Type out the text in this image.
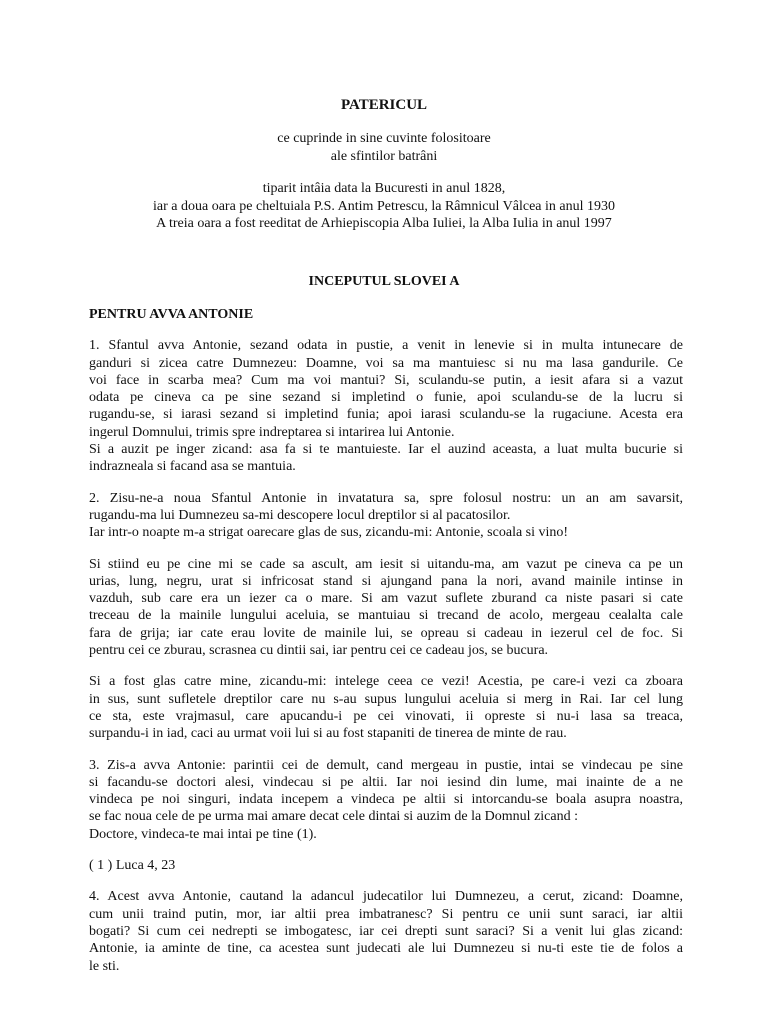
PATERICUL
ce cuprinde in sine cuvinte folositoare
ale sfintilor batrâni
tiparit intâia data la Bucuresti in anul 1828,
iar a doua oara pe cheltuiala P.S. Antim Petrescu, la Râmnicul Vâlcea in anul 1930
A treia oara a fost reeditat de Arhiepiscopia Alba Iuliei, la Alba Iulia in anul 1997
INCEPUTUL SLOVEI A
PENTRU AVVA ANTONIE
1. Sfantul avva Antonie, sezand odata in pustie, a venit in lenevie si in multa intunecare de
ganduri si zicea catre Dumnezeu: Doamne, voi sa ma mantuiesc si nu ma lasa gandurile. Ce
voi face in scarba mea? Cum ma voi mantui? Si, sculandu-se putin, a iesit afara si a vazut
odata pe cineva ca pe sine sezand si impletind o funie, apoi sculandu-se de la lucru si
rugandu-se, si iarasi sezand si impletind funia; apoi iarasi sculandu-se la rugaciune. Acesta era
ingerul Domnului, trimis spre indreptarea si intarirea lui Antonie.
Si a auzit pe inger zicand: asa fa si te mantuieste. Iar el auzind aceasta, a luat multa bucurie si
indrazneala si facand asa se mantuia.
2. Zisu-ne-a noua Sfantul Antonie in invatatura sa, spre folosul nostru: un an am savarsit,
rugandu-ma lui Dumnezeu sa-mi descopere locul dreptilor si al pacatosilor.
Iar intr-o noapte m-a strigat oarecare glas de sus, zicandu-mi: Antonie, scoala si vino!
Si stiind eu pe cine mi se cade sa ascult, am iesit si uitandu-ma, am vazut pe cineva ca pe un
urias, lung, negru, urat si infricosat stand si ajungand pana la nori, avand mainile intinse in
vazduh, sub care era un iezer ca o mare. Si am vazut suflete zburand ca niste pasari si cate
treceau de la mainile lungului aceluia, se mantuiau si trecand de acolo, mergeau cealalta cale
fara de grija; iar cate erau lovite de mainile lui, se opreau si cadeau in iezerul cel de foc. Si
pentru cei ce zburau, scrasnea cu dintii sai, iar pentru cei ce cadeau jos, se bucura.
Si a fost glas catre mine, zicandu-mi: intelege ceea ce vezi! Acestia, pe care-i vezi ca zboara
in sus, sunt sufletele dreptilor care nu s-au supus lungului aceluia si merg in Rai. Iar cel lung
ce sta, este vrajmasul, care apucandu-i pe cei vinovati, ii opreste si nu-i lasa sa treaca,
surpandu-i in iad, caci au urmat voii lui si au fost stapaniti de tinerea de minte de rau.
3. Zis-a avva Antonie: parintii cei de demult, cand mergeau in pustie, intai se vindecau pe sine
si facandu-se doctori alesi, vindecau si pe altii. Iar noi iesind din lume, mai inainte de a ne
vindeca pe noi singuri, indata incepem a vindeca pe altii si intorcandu-se boala asupra noastra,
se fac noua cele de pe urma mai amare decat cele dintai si auzim de la Domnul zicand :
Doctore, vindeca-te mai intai pe tine (1).
( 1 ) Luca 4, 23
4. Acest avva Antonie, cautand la adancul judecatilor lui Dumnezeu, a cerut, zicand: Doamne,
cum unii traind putin, mor, iar altii prea imbatranesc? Si pentru ce unii sunt saraci, iar altii
bogati? Si cum cei nedrepti se imbogatesc, iar cei drepti sunt saraci? Si a venit lui glas zicand:
Antonie, ia aminte de tine, ca acestea sunt judecati ale lui Dumnezeu si nu-ti este tie de folos a
le sti.
